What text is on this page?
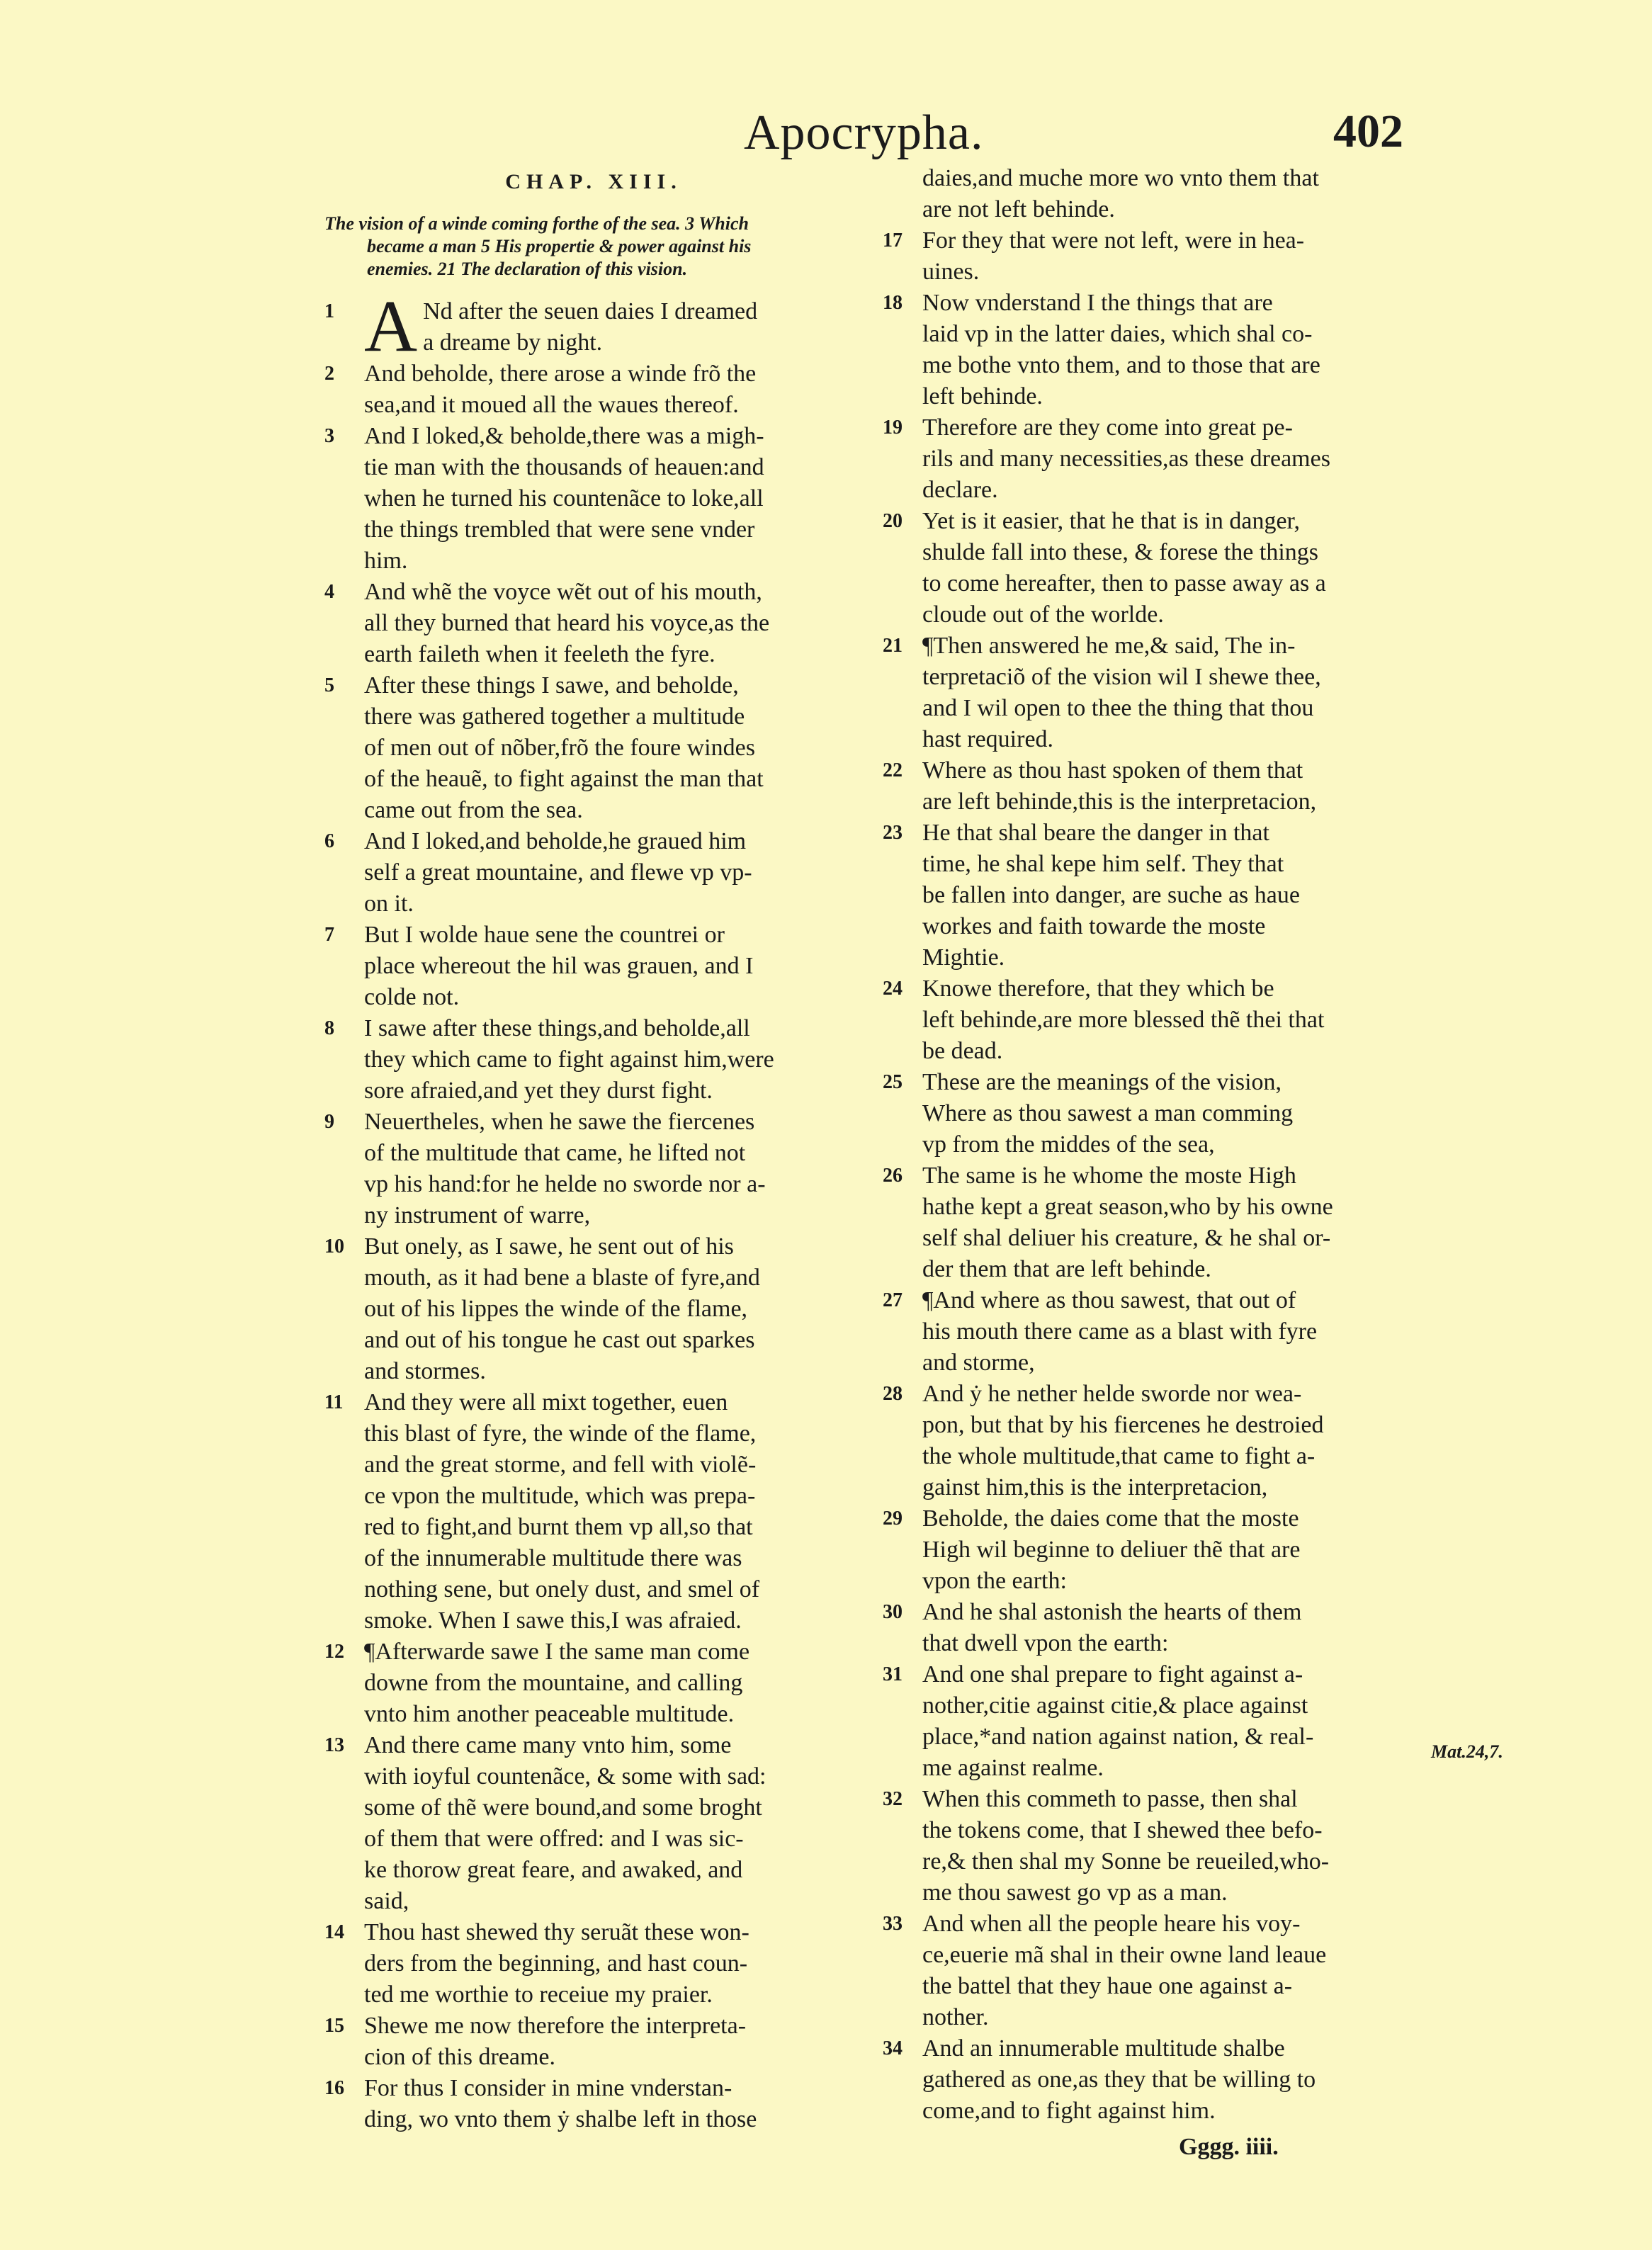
Apocrypha.	402
CHAP. XIII.
The vision of a winde coming forthe of the sea. 3 Which
became a man 5 His propertie & power against his
enemies. 21 The declaration of this vision.
1 A Nd after the seuen daies I dreamed
a dreame by night.
2	And beholde, there arose a winde frõ the
sea,and it moued all the waues thereof.
3	And I loked,& beholde,there was a migh-
tie man with the thousands of heauen:and
when he turned his countenãce to loke,all
the things trembled that were sene vnder
him.
4	And whẽ the voyce wẽt out of his mouth,
all they burned that heard his voyce,as the
earth faileth when it feeleth the fyre.
5	After these things I sawe, and beholde,
there was gathered together a multitude
of men out of nõber,frõ the foure windes
of the heauẽ, to fight against the man that
came out from the sea.
6	And I loked,and beholde,he graued him
self a great mountaine, and flewe vp vp-
on it.
7	But I wolde haue sene the countrei or
place whereout the hil was grauen, and I
colde not.
8	I sawe after these things,and beholde,all
they which came to fight against him,were
sore afraied,and yet they durst fight.
9	Neuertheles, when he sawe the fiercenes
of the multitude that came, he lifted not
vp his hand:for he helde no sworde nor a-
ny instrument of warre,
10 But onely, as I sawe, he sent out of his
mouth, as it had bene a blaste of fyre,and
out of his lippes the winde of the flame,
and out of his tongue he cast out sparkes
and stormes.
11 And they were all mixt together, euen
this blast of fyre, the winde of the flame,
and the great storme, and fell with violẽ-
ce vpon the multitude, which was prepa-
red to fight,and burnt them vp all,so that
of the innumerable multitude there was
nothing sene, but onely dust, and smel of
smoke. When I sawe this,I was afraied.
12 ¶Afterwarde sawe I the same man come
downe from the mountaine, and calling
vnto him another peaceable multitude.
13 And there came many vnto him, some
with ioyful countenãce, & some with sad:
some of thẽ were bound,and some broght
of them that were offred: and I was sic-
ke thorow great feare, and awaked, and
said,
14 Thou hast shewed thy seruãt these won-
ders from the beginning, and hast coun-
ted me worthie to receiue my praier.
15 Shewe me now therefore the interpreta-
cion of this dreame.
16 For thus I consider in mine vnderstan-
ding, wo vnto them ẏ shalbe left in those
daies,and muche more wo vnto them that
are not left behinde.
17 For they that were not left, were in hea-
uines.
18 Now vnderstand I the things that are
laid vp in the latter daies, which shal co-
me bothe vnto them, and to those that are
left behinde.
19 Therefore are they come into great pe-
rils and many necessities,as these dreames
declare.
20 Yet is it easier, that he that is in danger,
shulde fall into these, & forese the things
to come hereafter, then to passe away as a
cloude out of the worlde.
21 ¶Then answered he me,& said, The in-
terpretaciõ of the vision wil I shewe thee,
and I wil open to thee the thing that thou
hast required.
22 Where as thou hast spoken of them that
are left behinde,this is the interpretacion,
23 He that shal beare the danger in that
time, he shal kepe him self. They that
be fallen into danger, are suche as haue
workes and faith towarde the moste
Mightie.
24 Knowe therefore, that they which be
left behinde,are more blessed thẽ thei that
be dead.
25 These are the meanings of the vision,
Where as thou sawest a man comming
vp from the middes of the sea,
26 The same is he whome the moste High
hathe kept a great season,who by his owne
self shal deliuer his creature, & he shal or-
der them that are left behinde.
27 ¶And where as thou sawest, that out of
his mouth there came as a blast with fyre
and storme,
28 And ẏ he nether helde sworde nor wea-
pon, but that by his fiercenes he destroied
the whole multitude,that came to fight a-
gainst him,this is the interpretacion,
29 Beholde, the daies come that the moste
High wil beginne to deliuer thẽ that are
vpon the earth:
30 And he shal astonish the hearts of them
that dwell vpon the earth:
31 And one shal prepare to fight against a-
nother,citie against citie,& place against
place,*and nation against nation, & real-
me against realme.
32 When this commeth to passe, then shal
the tokens come, that I shewed thee befo-
re,& then shal my Sonne be reueiled,who-
me thou sawest go vp as a man.
33 And when all the people heare his voy-
ce,euerie mã shal in their owne land leaue
the battel that they haue one against a-
nother.
34 And an innumerable multitude shalbe
gathered as one,as they that be willing to
come,and to fight against him.
Mat.24,7.
Gggg. iiii.
